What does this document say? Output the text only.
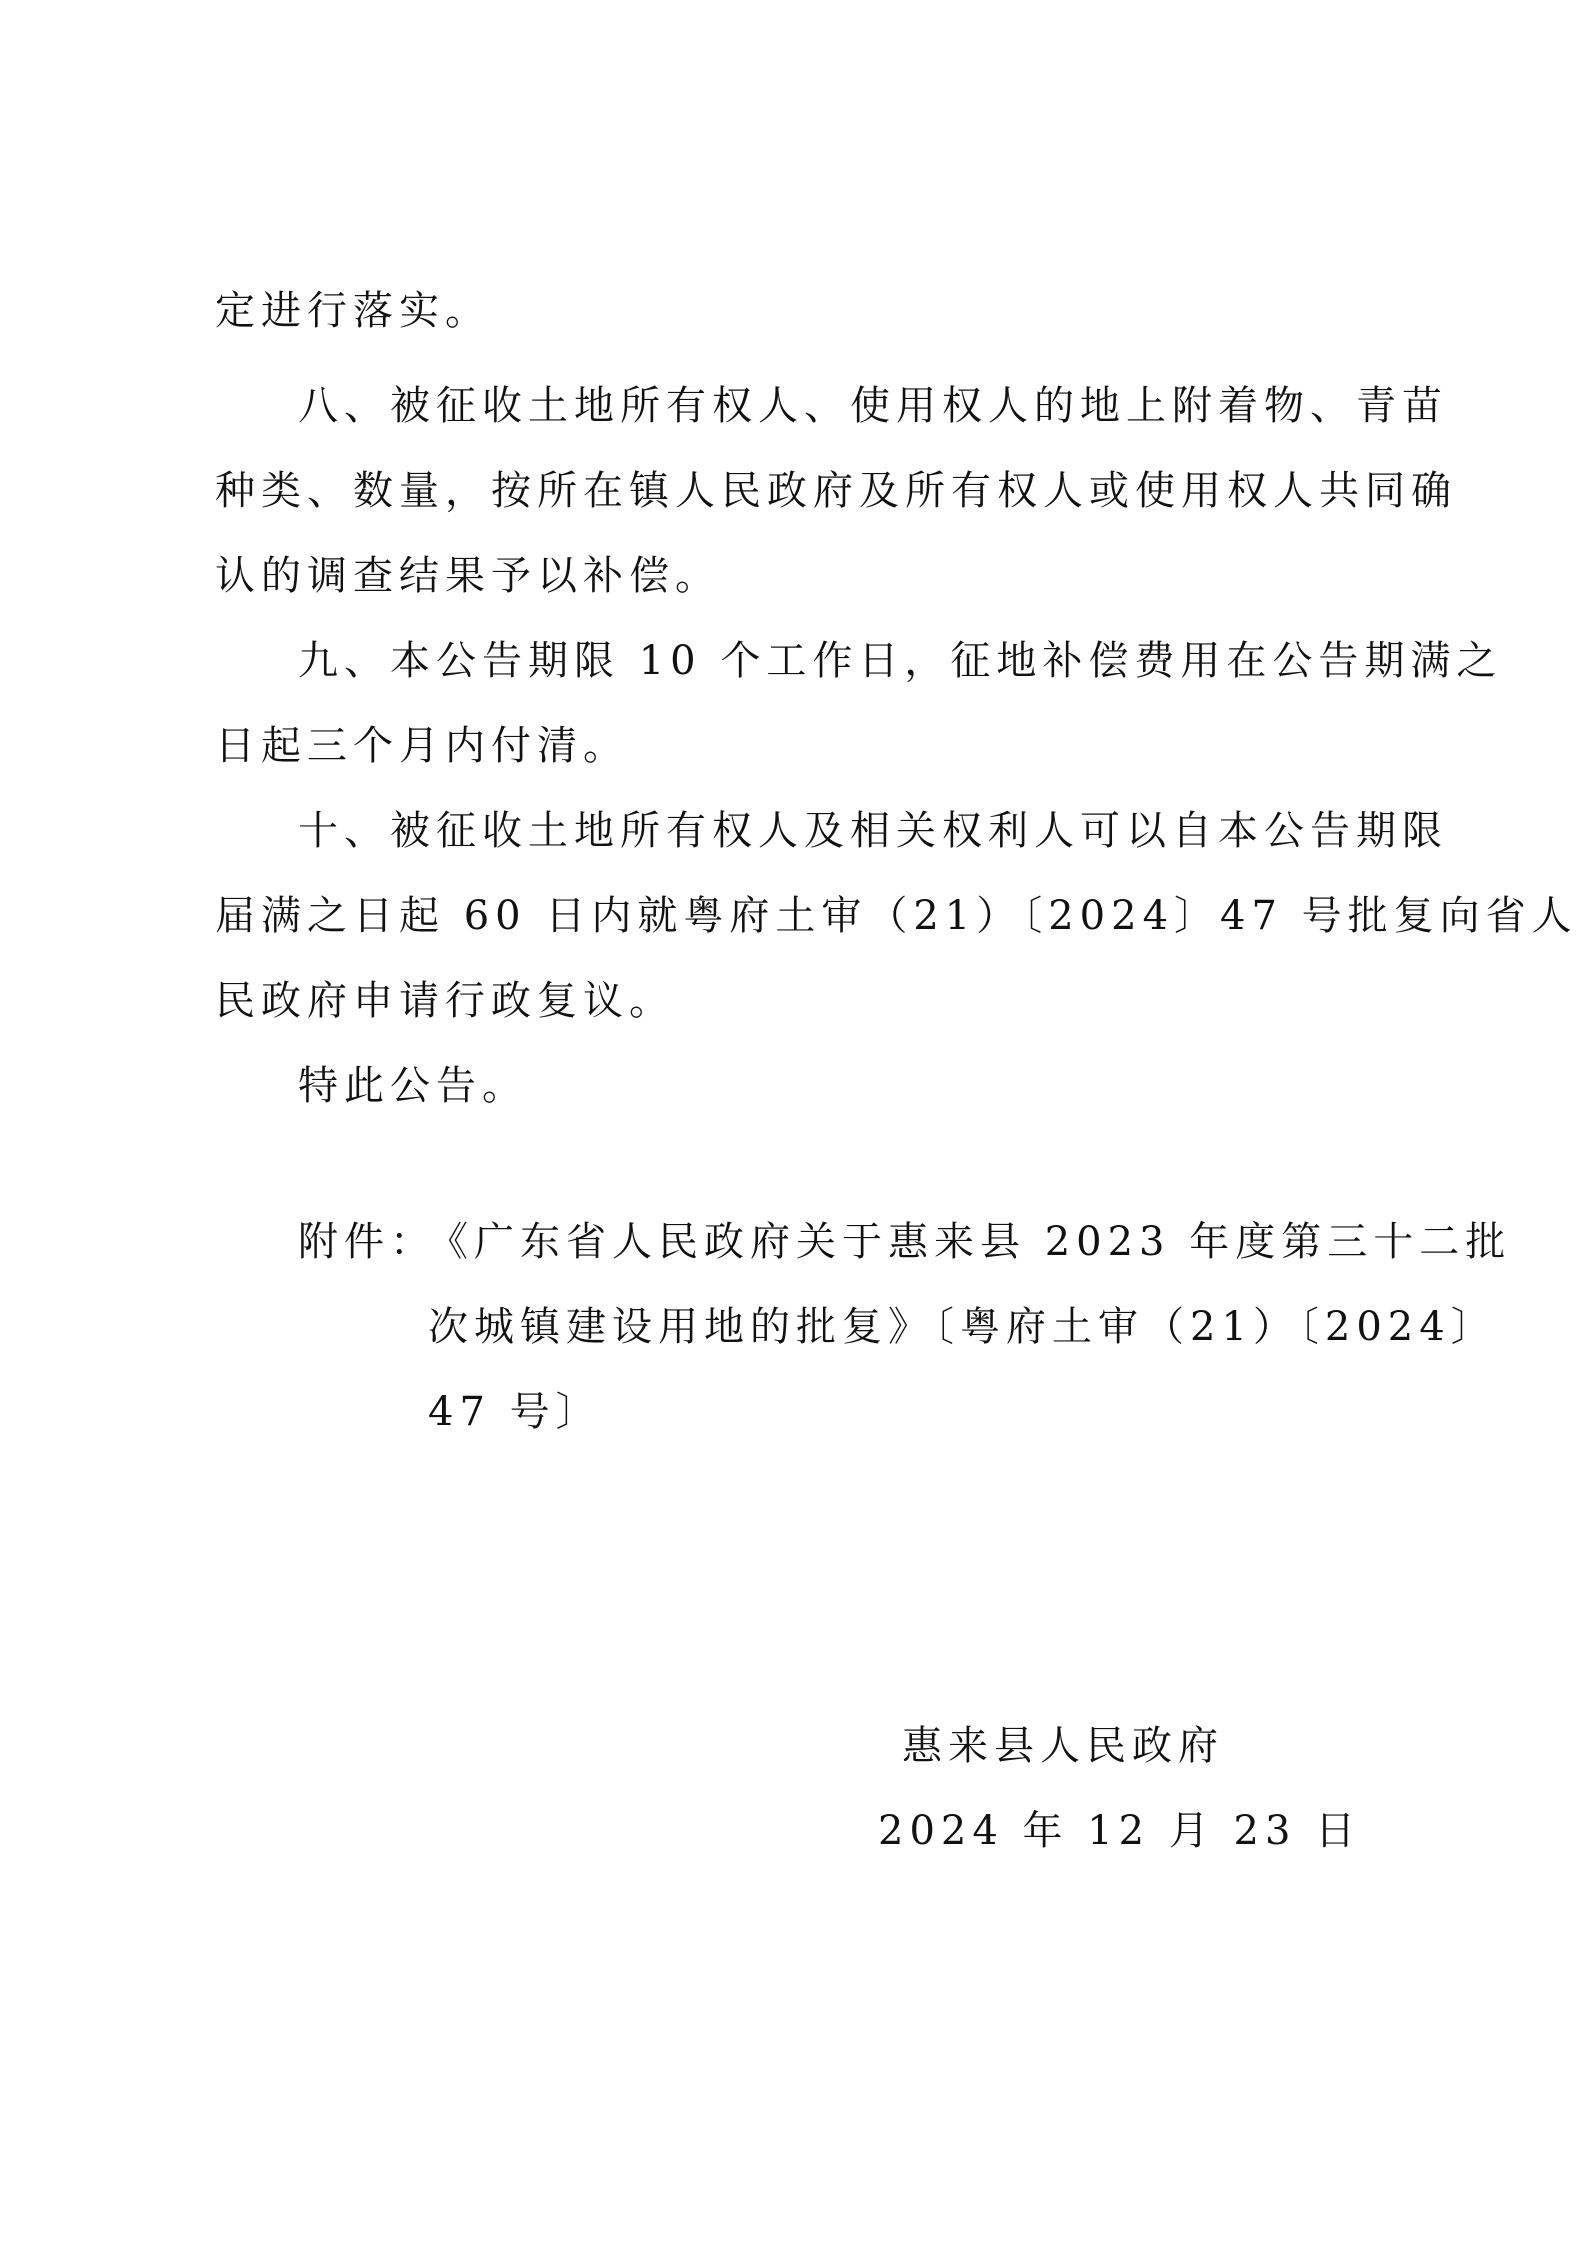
定进行落实。
八、被征收土地所有权人、使用权人的地上附着物、青苗
种类、数量，按所在镇人民政府及所有权人或使用权人共同确
认的调查结果予以补偿。
九、本公告期限 10 个工作日，征地补偿费用在公告期满之
日起三个月内付清。
十、被征收土地所有权人及相关权利人可以自本公告期限
届满之日起 60 日内就粤府土审（21）〔2024〕47 号批复向省人
民政府申请行政复议。
特此公告。
附件：
《广东省人民政府关于惠来县 2023 年度第三十二批
次城镇建设用地的批复》〔粤府土审（21）〔2024〕
47 号〕
惠来县人民政府
2024 年 12 月 23 日
